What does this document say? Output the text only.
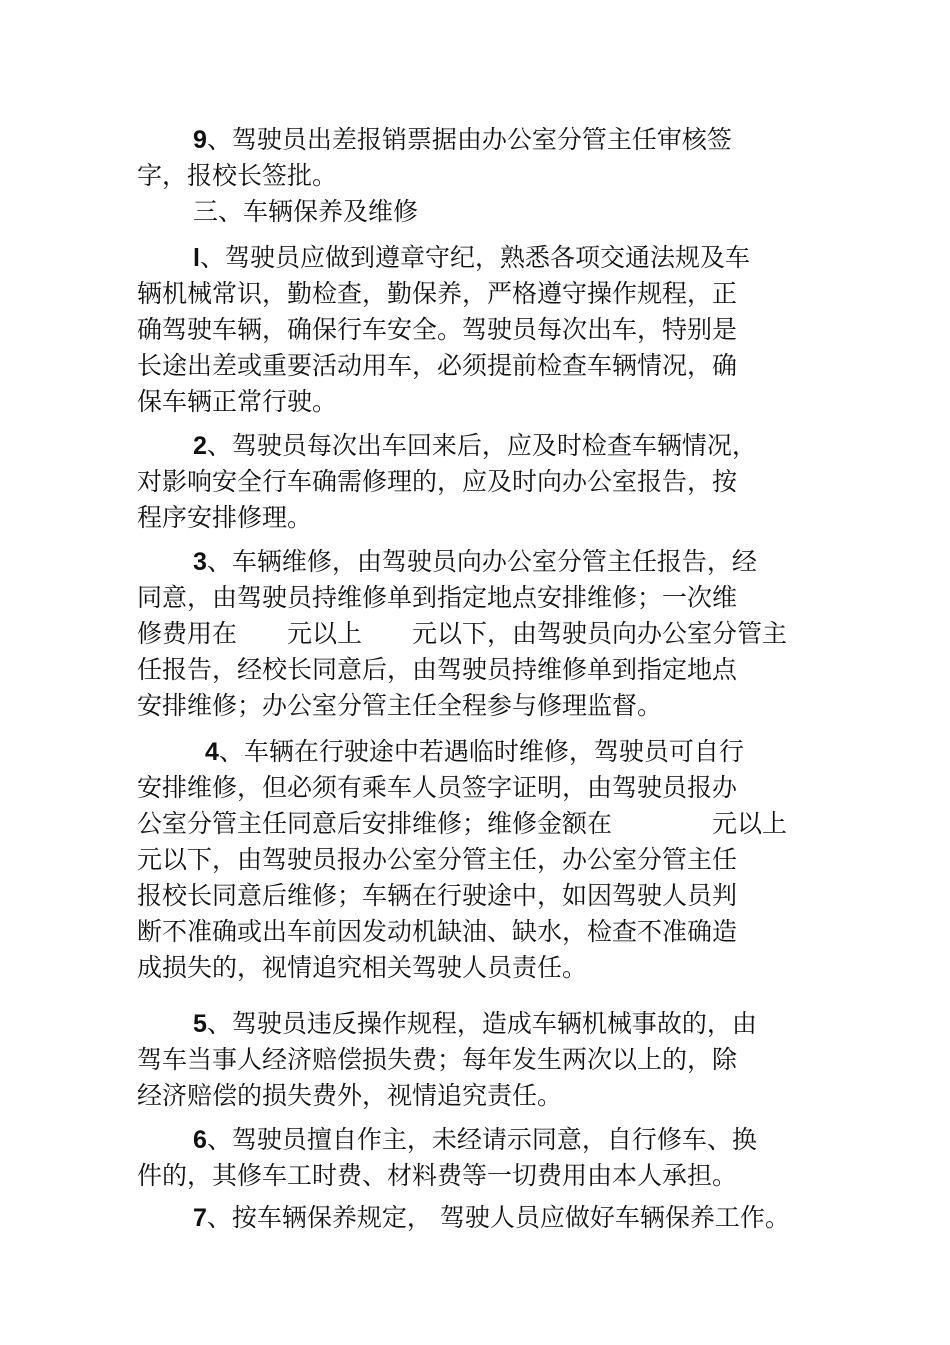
9、驾驶员出差报销票据由办公室分管主任审核签
字，报校长签批。
三、车辆保养及维修
l、驾驶员应做到遵章守纪，熟悉各项交通法规及车
辆机械常识，勤检查，勤保养，严格遵守操作规程，正
确驾驶车辆，确保行车安全。驾驶员每次出车，特别是
长途出差或重要活动用车，必须提前检查车辆情况，确
保车辆正常行驶。
2、驾驶员每次出车回来后，应及时检查车辆情况，
对影响安全行车确需修理的，应及时向办公室报告，按
程序安排修理。
3、车辆维修，由驾驶员向办公室分管主任报告，经
同意，由驾驶员持维修单到指定地点安排维修；一次维
修费用在　　元以上　　元以下，由驾驶员向办公室分管主
任报告，经校长同意后，由驾驶员持维修单到指定地点
安排维修；办公室分管主任全程参与修理监督。
4、车辆在行驶途中若遇临时维修，驾驶员可自行
安排维修，但必须有乘车人员签字证明，由驾驶员报办
公室分管主任同意后安排维修；维修金额在　　　　元以上
元以下，由驾驶员报办公室分管主任，办公室分管主任
报校长同意后维修；车辆在行驶途中，如因驾驶人员判
断不准确或出车前因发动机缺油、缺水，检查不准确造
成损失的，视情追究相关驾驶人员责任。
5、驾驶员违反操作规程，造成车辆机械事故的，由
驾车当事人经济赔偿损失费；每年发生两次以上的，除
经济赔偿的损失费外，视情追究责任。
6、驾驶员擅自作主，未经请示同意，自行修车、换
件的，其修车工时费、材料费等一切费用由本人承担。
7、按车辆保养规定， 驾驶人员应做好车辆保养工作。
